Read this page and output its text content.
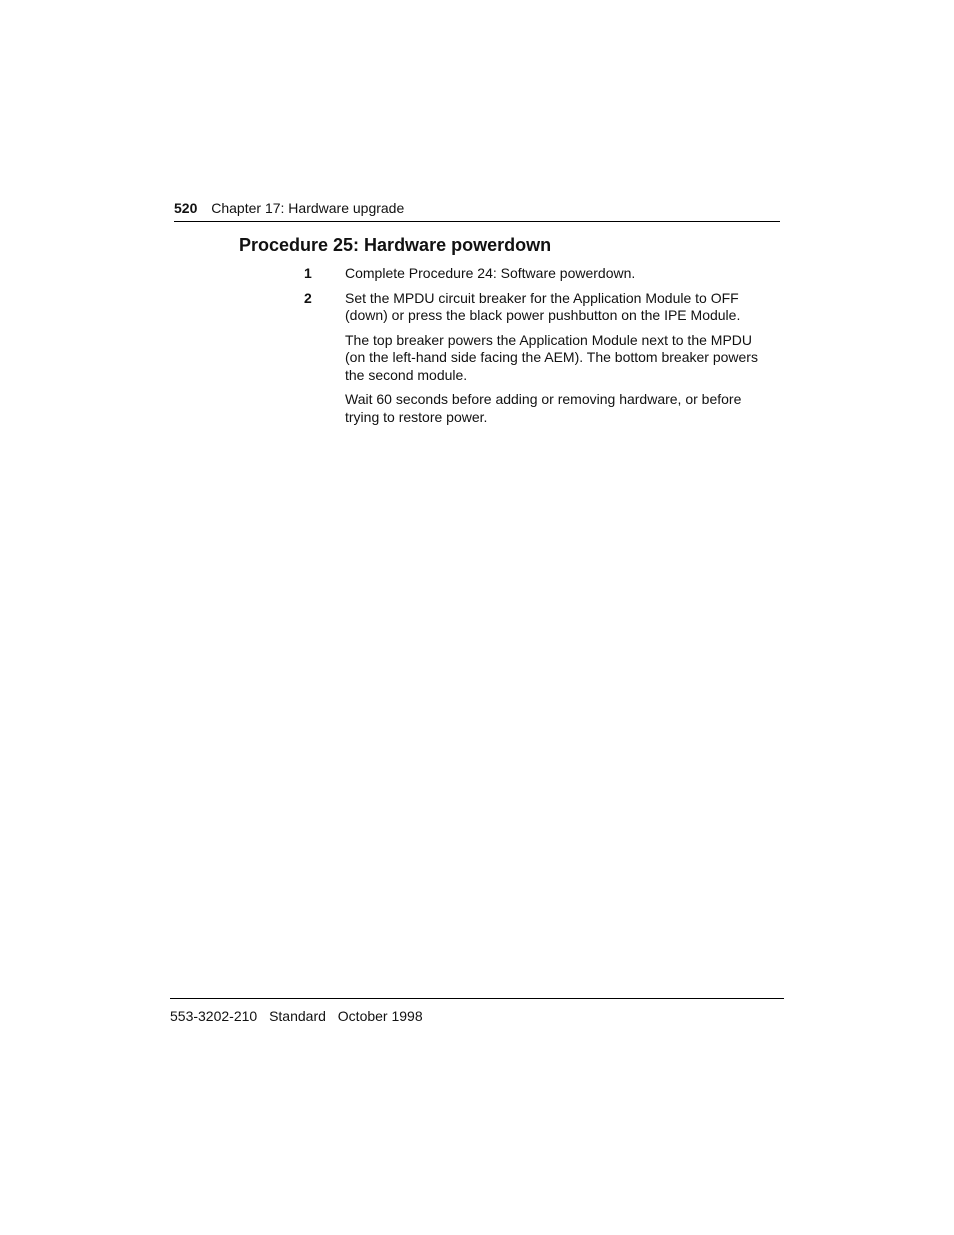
520 Chapter 17: Hardware upgrade
Procedure 25: Hardware powerdown
1 Complete Procedure 24: Software powerdown.

2 Set the MPDU circuit breaker for the Application Module to OFF (down) or press the black power pushbutton on the IPE Module.

The top breaker powers the Application Module next to the MPDU (on the left-hand side facing the AEM). The bottom breaker powers the second module.

Wait 60 seconds before adding or removing hardware, or before trying to restore power.

553-3202-210 Standard October 1998
